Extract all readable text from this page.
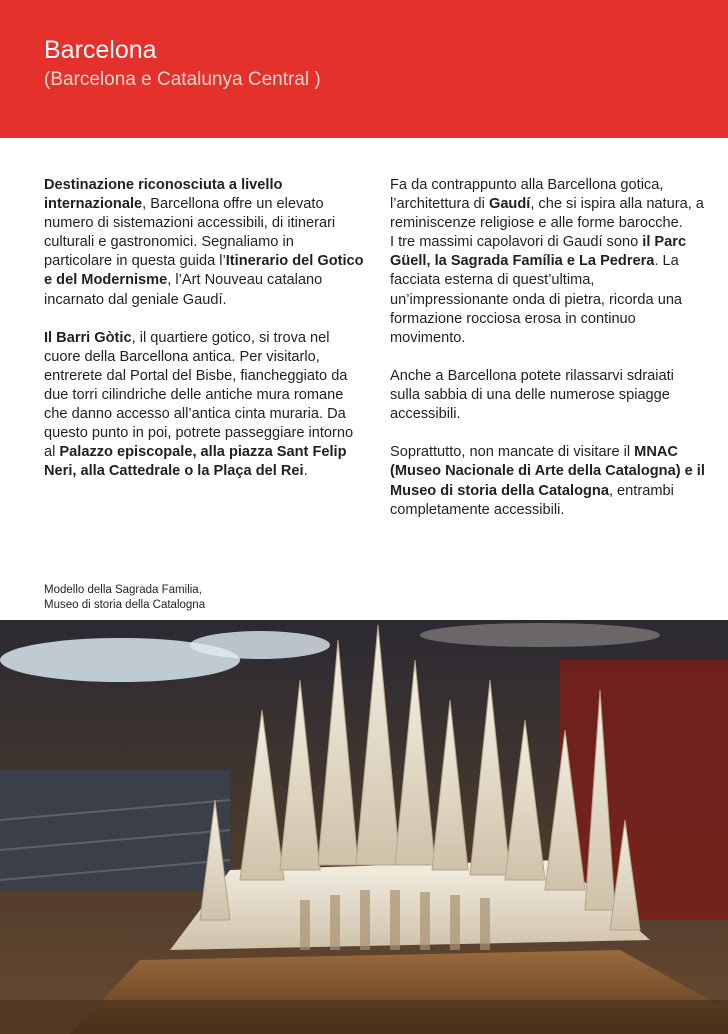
Barcelona
(Barcelona e Catalunya Central )

Destinazione riconosciuta a livello internazionale, Barcellona offre un elevato numero di sistemazioni accessibili, di itinerari culturali e gastronomici. Segnaliamo in particolare in questa guida l’Itinerario del Gotico e del Modernisme, l’Art Nouveau catalano incarnato dal geniale Gaudí.

Il Barri Gòtic, il quartiere gotico, si trova nel cuore della Barcellona antica. Per visitarlo, entrerete dal Portal del Bisbe, fiancheggiato da due torri cilindriche delle antiche mura romane che danno accesso all’antica cinta muraria. Da questo punto in poi, potrete passeggiare intorno al Palazzo episcopale, alla piazza Sant Felip Neri, alla Cattedrale o la Plaça del Rei.

Fa da contrappunto alla Barcellona gotica, l’architettura di Gaudí, che si ispira alla natura, a reminiscenze religiose e alle forme barocche.
I tre massimi capolavori di Gaudí sono il Parc Güell, la Sagrada Família e La Pedrera. La facciata esterna di quest’ultima, un’impressionante onda di pietra, ricorda una formazione rocciosa erosa in continuo movimento.

Anche a Barcellona potete rilassarvi sdraiati sulla sabbia di una delle numerose spiagge accessibili.

Soprattutto, non mancate di visitare il MNAC (Museo Nacionale di Arte della Catalogna) e il Museo di storia della Catalogna, entrambi completamente accessibili.

Modello della Sagrada Familia,
Museo di storia della Catalogna
